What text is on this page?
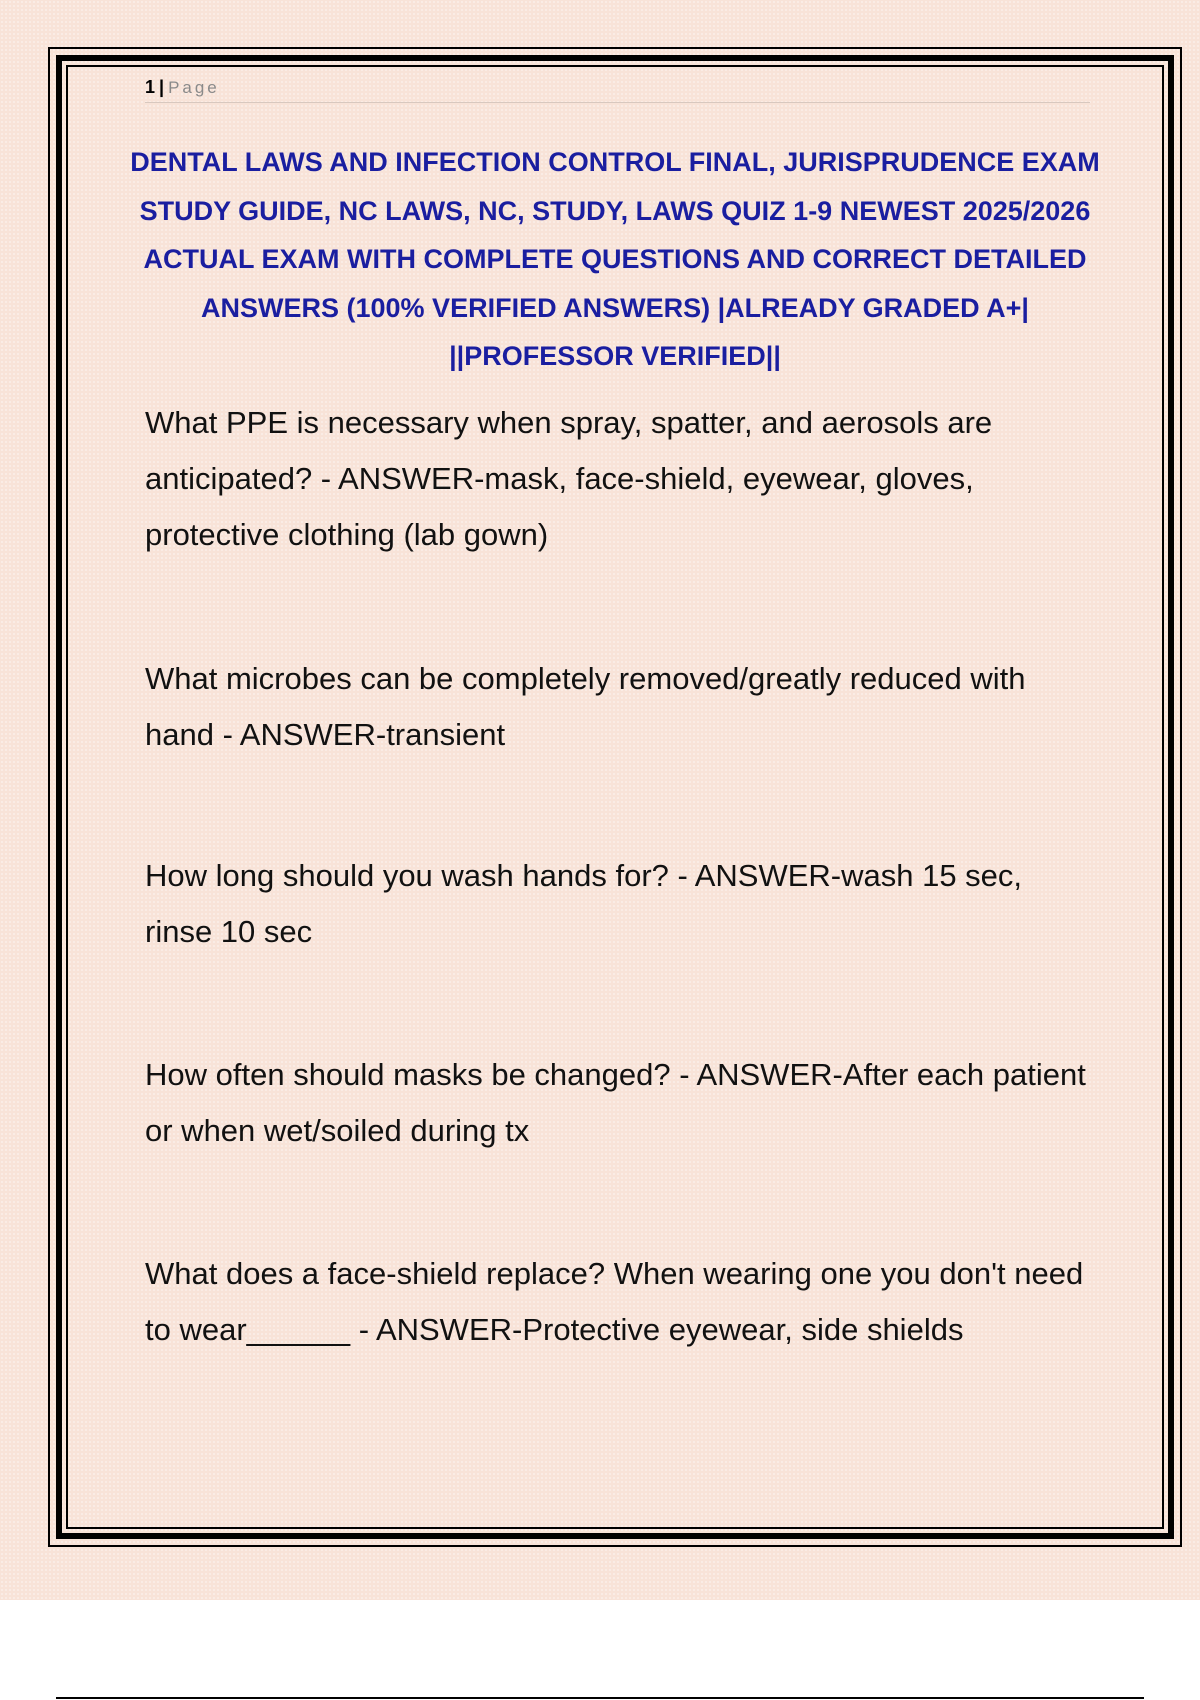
1 | Page
DENTAL LAWS AND INFECTION CONTROL FINAL, JURISPRUDENCE EXAM STUDY GUIDE, NC LAWS, NC, STUDY, LAWS QUIZ 1-9 NEWEST 2025/2026 ACTUAL EXAM WITH COMPLETE QUESTIONS AND CORRECT DETAILED ANSWERS (100% VERIFIED ANSWERS) |ALREADY GRADED A+| ||PROFESSOR VERIFIED||
What PPE is necessary when spray, spatter, and aerosols are anticipated? - ANSWER-mask, face-shield, eyewear, gloves, protective clothing (lab gown)
What microbes can be completely removed/greatly reduced with hand - ANSWER-transient
How long should you wash hands for? - ANSWER-wash 15 sec, rinse 10 sec
How often should masks be changed? - ANSWER-After each patient or when wet/soiled during tx
What does a face-shield replace? When wearing one you don't need to wear______ - ANSWER-Protective eyewear, side shields
